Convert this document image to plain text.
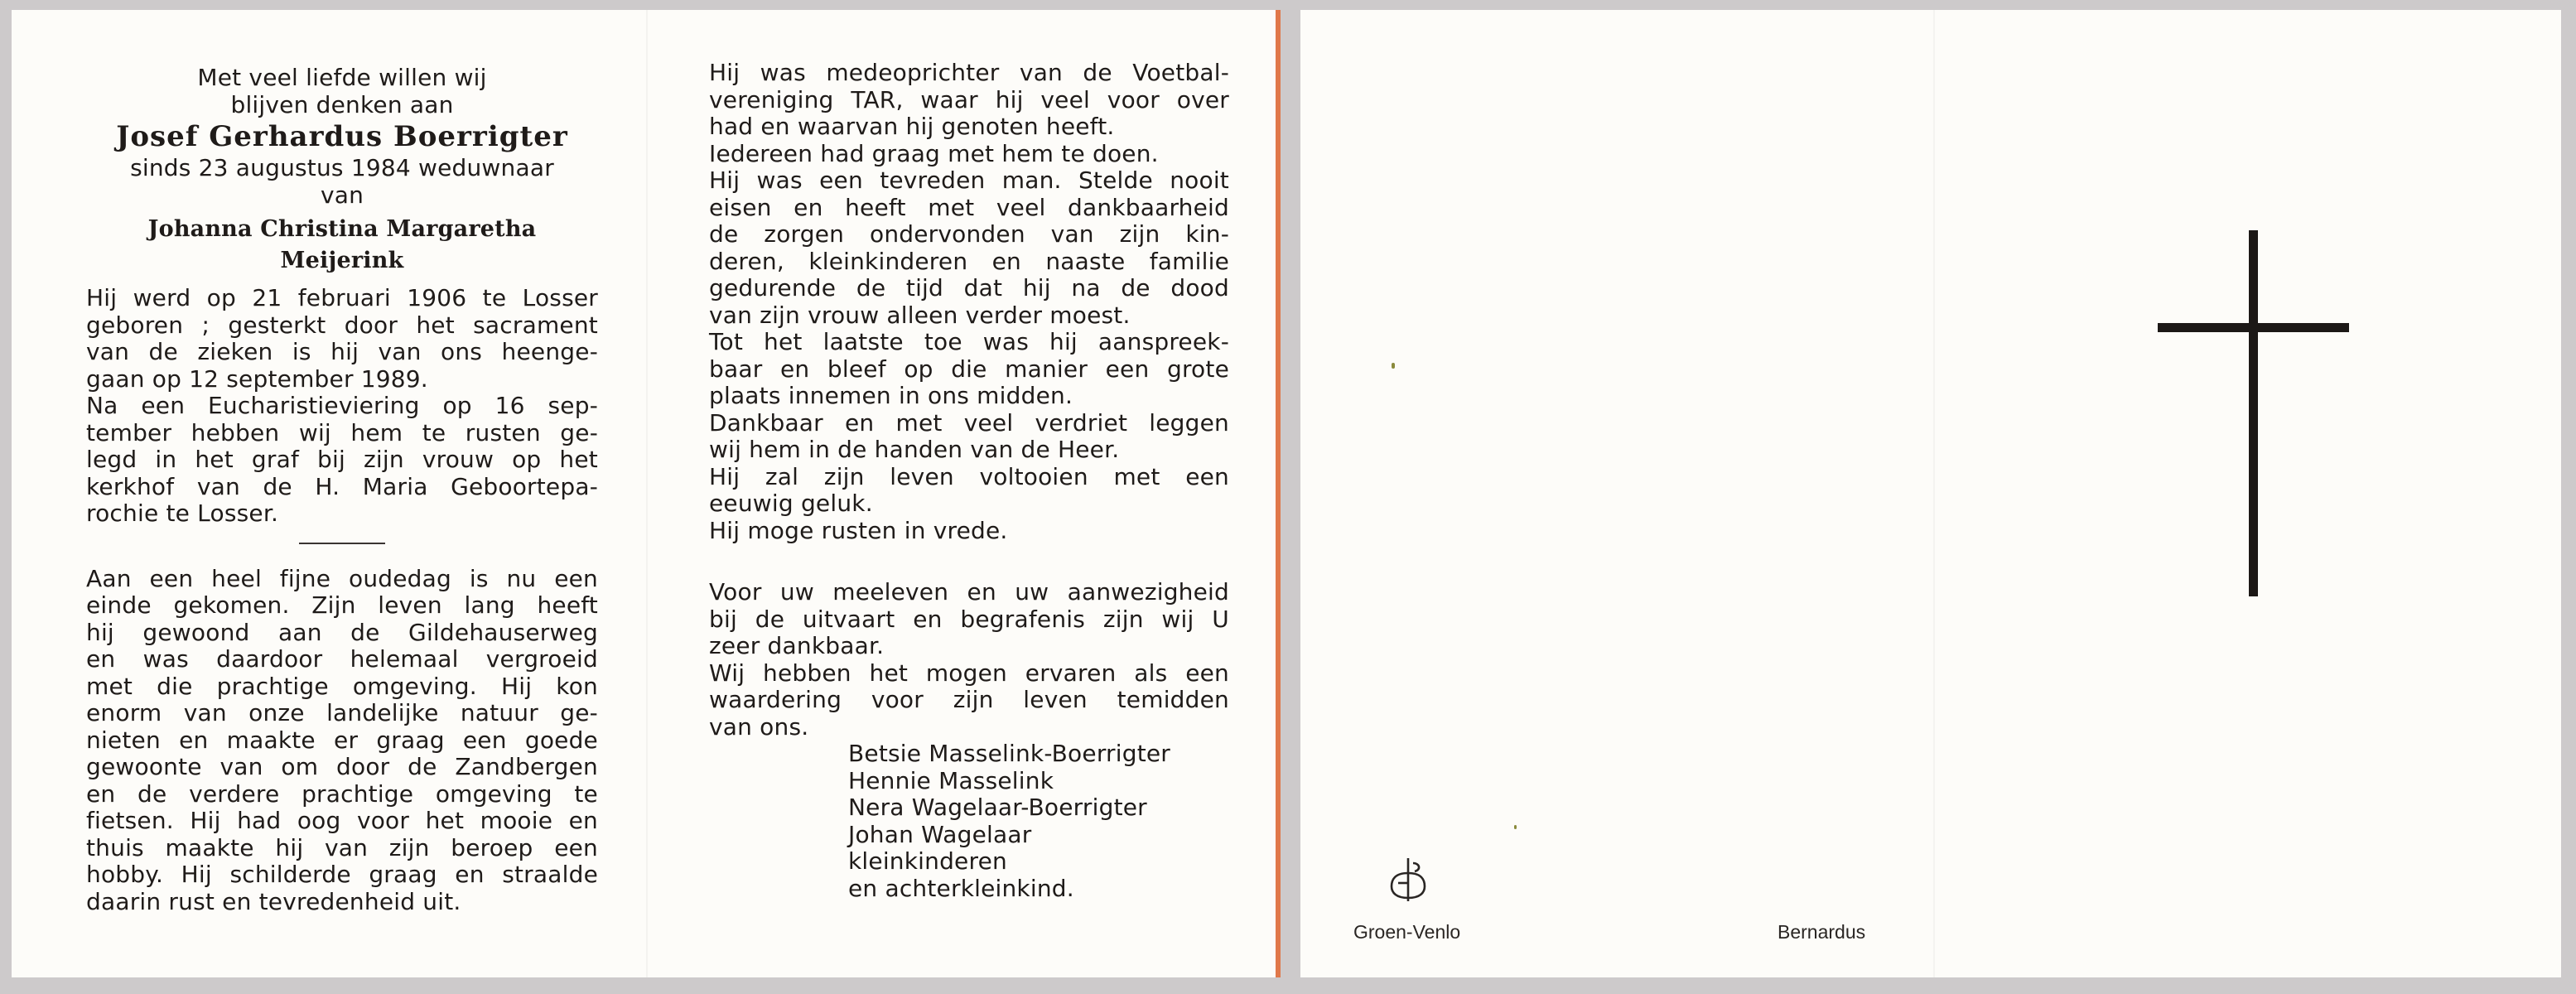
Met veel liefde willen wij
blijven denken aan
Josef Gerhardus Boerrigter
sinds 23 augustus 1984 weduwnaar
van
Johanna Christina Margaretha Meijerink
Hij werd op 21 februari 1906 te Losser
geboren ; gesterkt door het sacrament
van de zieken is hij van ons heenge-
gaan op 12 september 1989.
Na een Eucharistieviering op 16 sep-
tember hebben wij hem te rusten ge-
legd in het graf bij zijn vrouw op het
kerkhof van de H. Maria Geboortepa-
rochie te Losser.
Aan een heel fijne oudedag is nu een
einde gekomen. Zijn leven lang heeft
hij gewoond aan de Gildehauserweg
en was daardoor helemaal vergroeid
met die prachtige omgeving. Hij kon
enorm van onze landelijke natuur ge-
nieten en maakte er graag een goede
gewoonte van om door de Zandbergen
en de verdere prachtige omgeving te
fietsen. Hij had oog voor het mooie en
thuis maakte hij van zijn beroep een
hobby. Hij schilderde graag en straalde
daarin rust en tevredenheid uit.
Hij was medeoprichter van de Voetbal-
vereniging TAR, waar hij veel voor over
had en waarvan hij genoten heeft.
Iedereen had graag met hem te doen.
Hij was een tevreden man. Stelde nooit
eisen en heeft met veel dankbaarheid
de zorgen ondervonden van zijn kin-
deren, kleinkinderen en naaste familie
gedurende de tijd dat hij na de dood
van zijn vrouw alleen verder moest.
Tot het laatste toe was hij aanspreek-
baar en bleef op die manier een grote
plaats innemen in ons midden.
Dankbaar en met veel verdriet leggen
wij hem in de handen van de Heer.
Hij zal zijn leven voltooien met een
eeuwig geluk.
Hij moge rusten in vrede.
Voor uw meeleven en uw aanwezigheid
bij de uitvaart en begrafenis zijn wij U
zeer dankbaar.
Wij hebben het mogen ervaren als een
waardering voor zijn leven temidden
van ons.
Betsie Masselink-Boerrigter
Hennie Masselink
Nera Wagelaar-Boerrigter
Johan Wagelaar
kleinkinderen
en achterkleinkind.
Groen-Venlo	Bernardus
